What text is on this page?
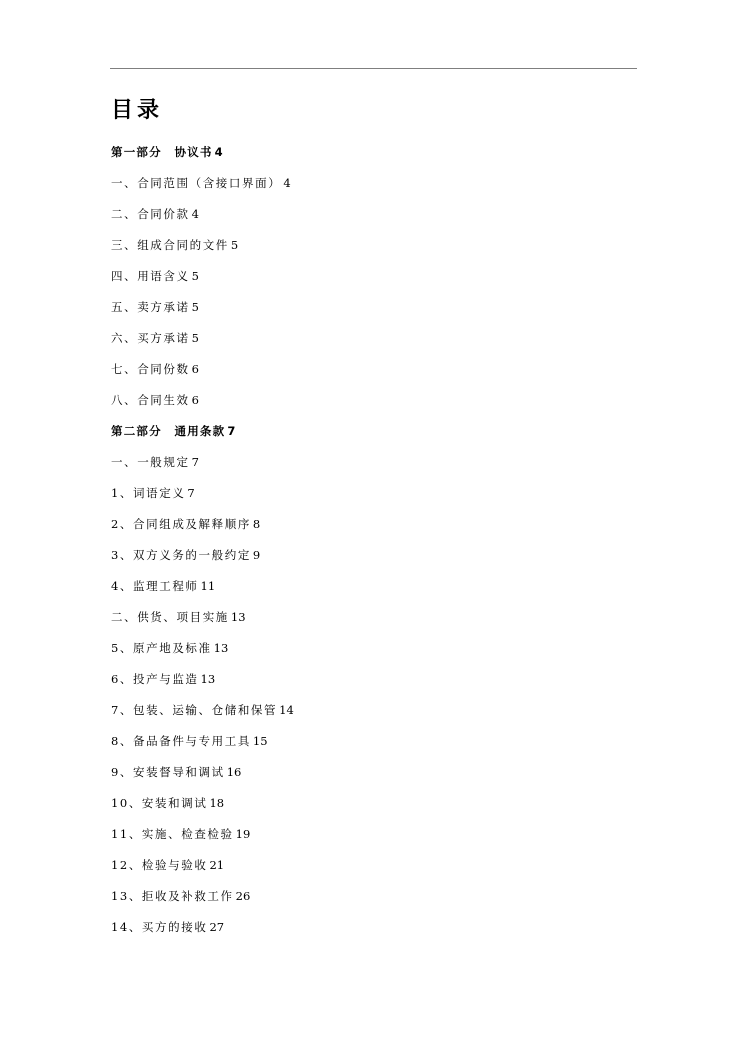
目录
第一部分　协议书 4
一、合同范围（含接口界面） 4
二、合同价款 4
三、组成合同的文件 5
四、用语含义 5
五、卖方承诺 5
六、买方承诺 5
七、合同份数 6
八、合同生效 6
第二部分　通用条款 7
一、一般规定 7
1、词语定义 7
2、合同组成及解释顺序 8
3、双方义务的一般约定 9
4、监理工程师 11
二、供货、项目实施 13
5、原产地及标准 13
6、投产与监造 13
7、包装、运输、仓储和保管 14
8、备品备件与专用工具 15
9、安装督导和调试 16
10、安装和调试 18
11、实施、检查检验 19
12、检验与验收 21
13、拒收及补救工作 26
14、买方的接收 27
